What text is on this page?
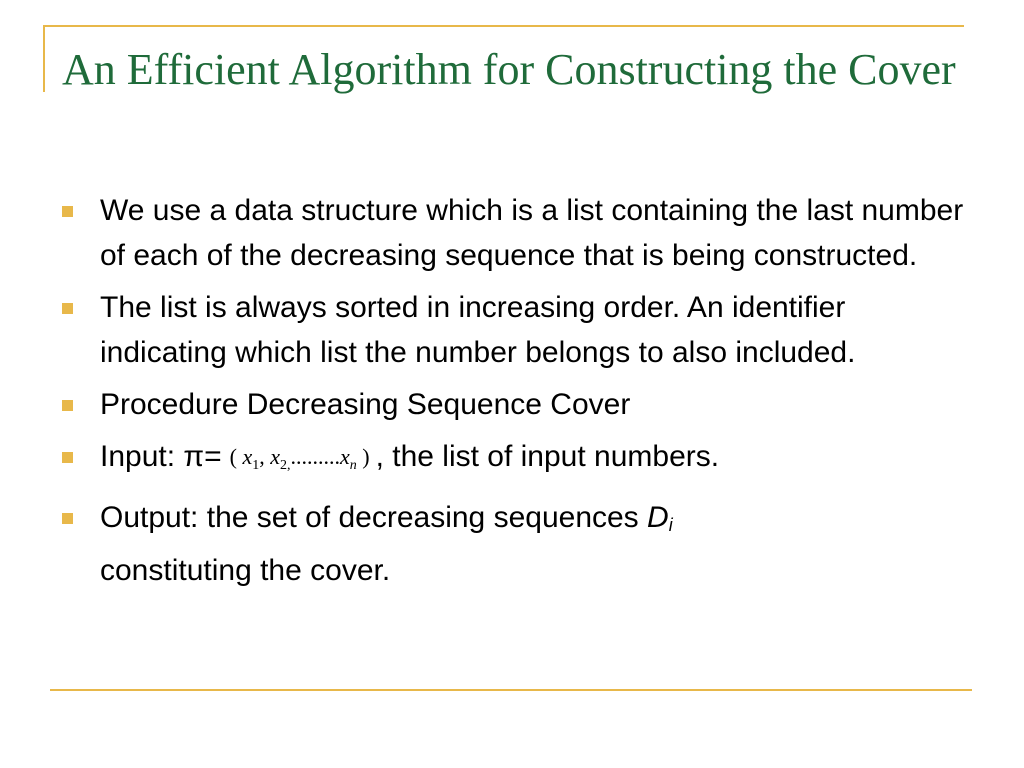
An Efficient Algorithm for Constructing the Cover
We use a data structure which is a list containing the last number of each of the decreasing sequence that is being constructed.
The list is always sorted in increasing order. An identifier indicating which list the number belongs to also included.
Procedure Decreasing Sequence Cover
Input: π= ( $x_1$, $x_{2,}.........x_n$ ) , the list of input numbers.
Output: the set of decreasing sequences $D_i$
constituting the cover.
